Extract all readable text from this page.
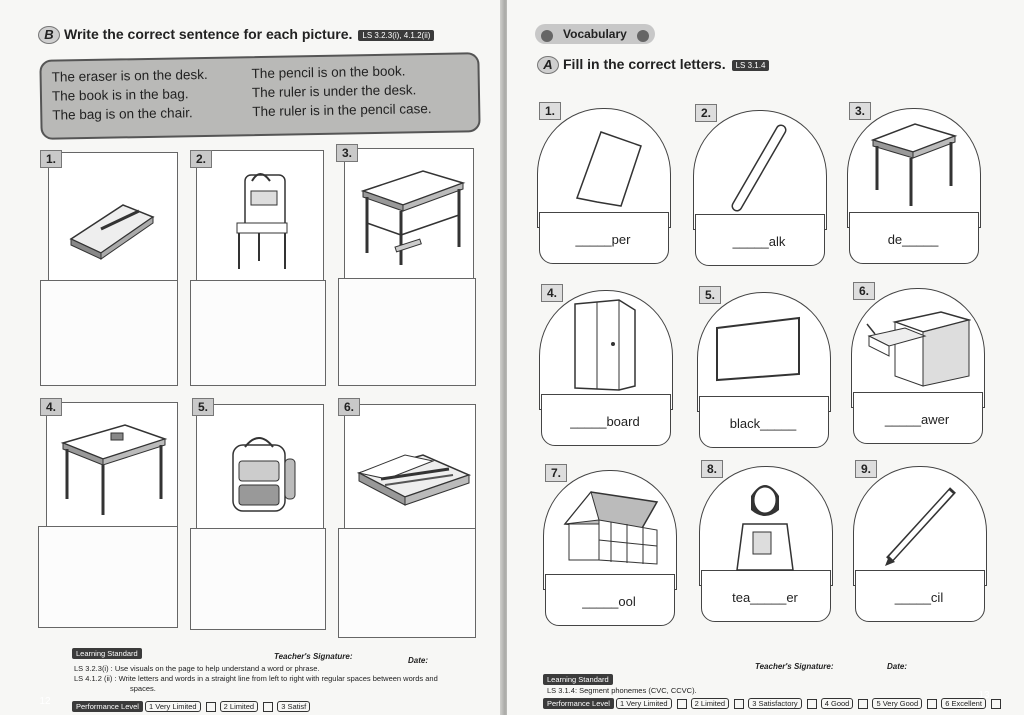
B Write the correct sentence for each picture. LS 3.2.3(i), 4.1.2(ii)
The eraser is on the desk.
The book is in the bag.
The bag is on the chair.
The pencil is on the book.
The ruler is under the desk.
The ruler is in the pencil case.
1.	2.	3.
4.	5.	6.
Teacher's Signature:	Date:
Learning Standard
LS 3.2.3(i) : Use visuals on the page to help understand a word or phrase.
LS 4.1.2 (ii) : Write letters and words in a straight line from left to right with regular spaces between words and
spaces.
Performance Level 1 Very Limited	2 Limited	3 Satisf
12
Vocabulary
A Fill in the correct letters. LS 3.1.4
1.
_____per
2.
_____alk
3.
de_____
4.
_____board
5.
black_____
6.
_____awer
7.
_____ool
8.
tea_____er
9.
_____cil
Teacher's Signature:	Date:
Learning Standard
LS 3.1.4: Segment phonemes (CVC, CCVC).
Performance Level 1 Very Limited	2 Limited	3 Satisfactory	4 Good	5 Very Good	6 Excellent
13
